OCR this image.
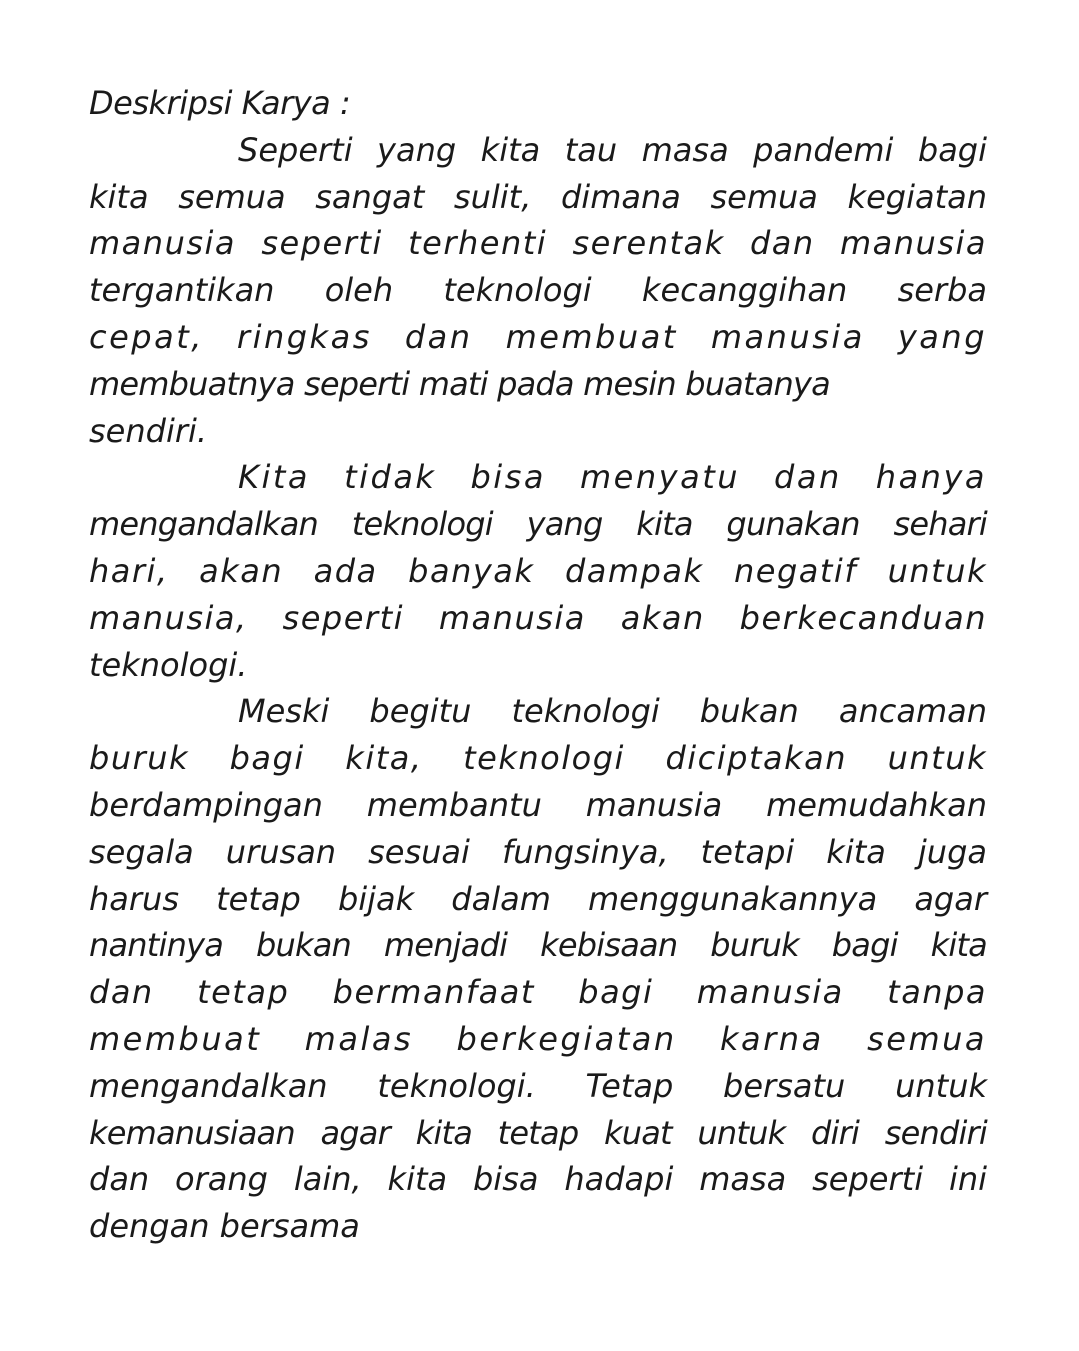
Deskripsi Karya :

Seperti yang kita tau masa pandemi bagi
kita semua sangat sulit, dimana semua kegiatan
manusia seperti terhenti serentak dan manusia
tergantikan oleh teknologi kecanggihan serba
cepat, ringkas dan membuat manusia yang
membuatnya seperti mati pada mesin buatanya
sendiri.

Kita tidak bisa menyatu dan hanya
mengandalkan teknologi yang kita gunakan sehari
hari, akan ada banyak dampak negatif untuk
manusia, seperti manusia akan berkecanduan
teknologi.

Meski begitu teknologi bukan ancaman
buruk bagi kita, teknologi diciptakan untuk
berdampingan membantu manusia memudahkan
segala urusan sesuai fungsinya, tetapi kita juga
harus tetap bijak dalam menggunakannya agar
nantinya bukan menjadi kebisaan buruk bagi kita
dan tetap bermanfaat bagi manusia tanpa
membuat malas berkegiatan karna semua
mengandalkan teknologi. Tetap bersatu untuk
kemanusiaan agar kita tetap kuat untuk diri sendiri
dan orang lain, kita bisa hadapi masa seperti ini
dengan bersama
